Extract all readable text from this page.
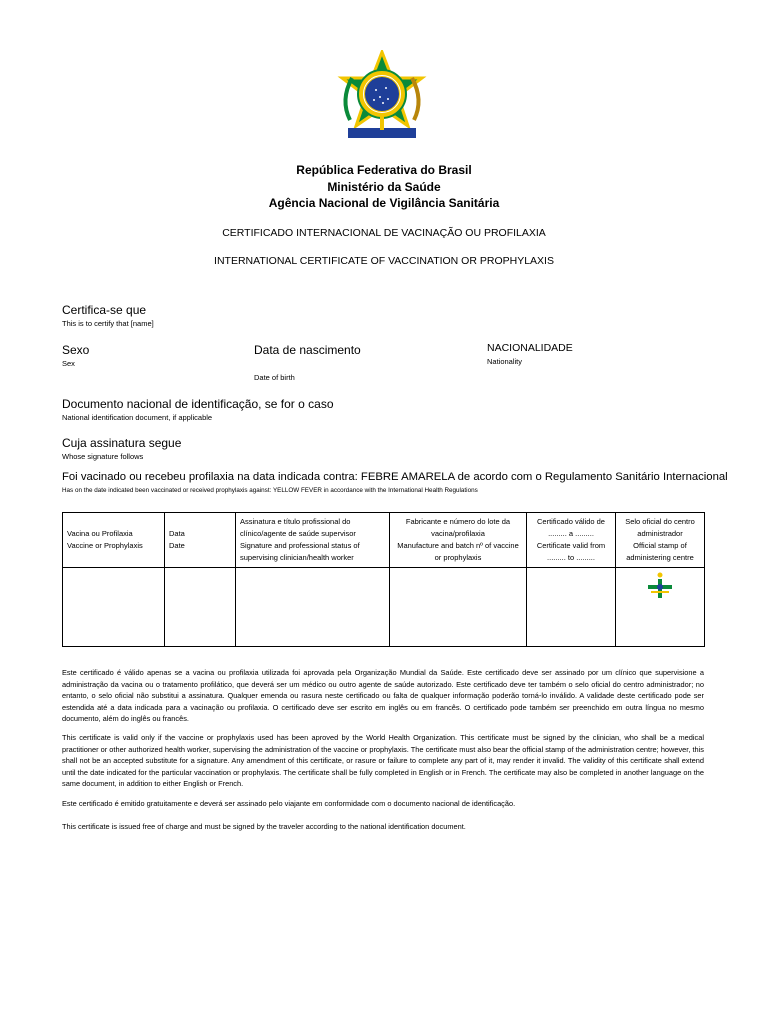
República Federativa do Brasil
Ministério da Saúde
Agência Nacional de Vigilância Sanitária
CERTIFICADO INTERNACIONAL DE VACINAÇÃO OU PROFILAXIA
INTERNATIONAL CERTIFICATE OF VACCINATION OR PROPHYLAXIS
Certifica-se que
This is to certify that [name]
Sexo
Sex
Data de nascimento
Date of birth
NACIONALIDADE
Nationality
Documento nacional de identificação, se for o caso
National identification document, if applicable
Cuja assinatura segue
Whose signature follows
Foi vacinado ou recebeu profilaxia na data indicada contra: FEBRE AMARELA de acordo com o Regulamento Sanitário Internacional
Has on the date indicated been vaccinated or received prophylaxis against: YELLOW FEVER in accordance with the International Health Regulations
Vacina ou Profilaxia
Vaccine or Prophylaxis	Data
Date	Assinatura e título profissional do clínico/agente de saúde supervisor
Signature and professional status of supervising clinician/health worker	Fabricante e número do lote da vacina/profilaxia
Manufacture and batch nº of vaccine or prophylaxis	Certificado válido de ......... a .........
Certificate valid from ......... to .........	Selo oficial do centro administrador
Official stamp of administering centre

Este certificado é válido apenas se a vacina ou profilaxia utilizada foi aprovada pela Organização Mundial da Saúde. Este certificado deve ser assinado por um clínico que supervisione a administração da vacina ou o tratamento profilático, que deverá ser um médico ou outro agente de saúde autorizado. Este certificado deve ter também o selo oficial do centro administrador; no entanto, o selo oficial não substitui a assinatura. Qualquer emenda ou rasura neste certificado ou falta de qualquer informação poderão torná-lo inválido. A validade deste certificado pode ser estendida até a data indicada para a vacinação ou profilaxia. O certificado deve ser escrito em inglês ou em francês. O certificado pode também ser preenchido em outra língua no mesmo documento, além do inglês ou francês.
This certificate is valid only if the vaccine or prophylaxis used has been aproved by the World Health Organization. This certificate must be signed by the clinician, who shall be a medical practitioner or other authorized health worker, supervising the administration of the vaccine or prophylaxis. The certificate must also bear the official stamp of the administration centre; however, this shall not be an accepted substitute for a signature. Any amendment of this certificate, or rasure or failure to complete any part of it, may render it invalid. The validity of this certificate shall extend until the date indicated for the particular vaccination or prophylaxis. The certificate shall be fully completed in English or in French. The certificate may also be completed in another language on the same document, in addition to either English or French.
Este certificado é emitido gratuitamente e deverá ser assinado pelo viajante em conformidade com o documento nacional de identificação.
This certificate is issued free of charge and must be signed by the traveler according to the national identification document.
